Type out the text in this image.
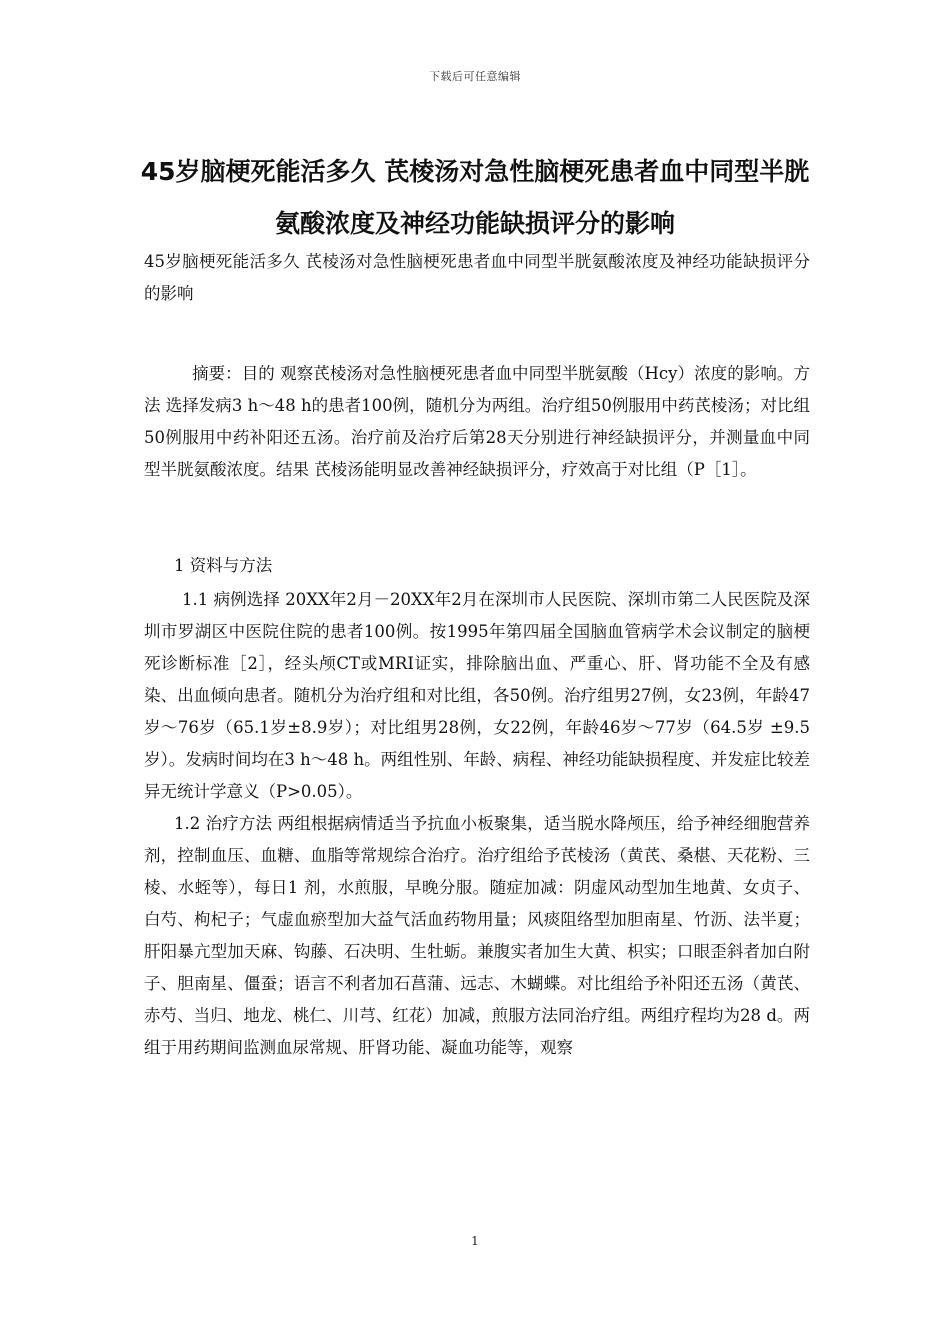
下载后可任意编辑
45岁脑梗死能活多久 芪棱汤对急性脑梗死患者血中同型半胱氨酸浓度及神经功能缺损评分的影响

45岁脑梗死能活多久 芪棱汤对急性脑梗死患者血中同型半胱氨酸浓度及神经功能缺损评分的影响

摘要：目的 观察芪棱汤对急性脑梗死患者血中同型半胱氨酸（Hcy）浓度的影响。方法 选择发病3 h～48 h的患者100例，随机分为两组。治疗组50例服用中药芪棱汤；对比组50例服用中药补阳还五汤。治疗前及治疗后第28天分别进行神经缺损评分，并测量血中同型半胱氨酸浓度。结果 芪棱汤能明显改善神经缺损评分，疗效高于对比组（P［1］。

1 资料与方法

1.1 病例选择 20XX年2月－20XX年2月在深圳市人民医院、深圳市第二人民医院及深圳市罗湖区中医院住院的患者100例。按1995年第四届全国脑血管病学术会议制定的脑梗死诊断标准［2］，经头颅CT或MRI证实，排除脑出血、严重心、肝、肾功能不全及有感染、出血倾向患者。随机分为治疗组和对比组，各50例。治疗组男27例，女23例，年龄47岁～76岁（65.1岁±8.9岁）；对比组男28例，女22例，年龄46岁～77岁（64.5岁 ±9.5岁）。发病时间均在3 h～48 h。两组性别、年龄、病程、神经功能缺损程度、并发症比较差异无统计学意义（P>0.05）。

1.2 治疗方法 两组根据病情适当予抗血小板聚集，适当脱水降颅压，给予神经细胞营养剂，控制血压、血糖、血脂等常规综合治疗。治疗组给予芪棱汤（黄芪、桑椹、天花粉、三棱、水蛭等），每日1 剂，水煎服，早晚分服。随症加减：阴虚风动型加生地黄、女贞子、白芍、枸杞子；气虚血瘀型加大益气活血药物用量；风痰阻络型加胆南星、竹沥、法半夏；肝阳暴亢型加天麻、钩藤、石决明、生牡蛎。兼腹实者加生大黄、枳实；口眼歪斜者加白附子、胆南星、僵蚕；语言不利者加石菖蒲、远志、木蝴蝶。对比组给予补阳还五汤（黄芪、赤芍、当归、地龙、桃仁、川芎、红花）加减，煎服方法同治疗组。两组疗程均为28 d。两组于用药期间监测血尿常规、肝肾功能、凝血功能等，观察

1
